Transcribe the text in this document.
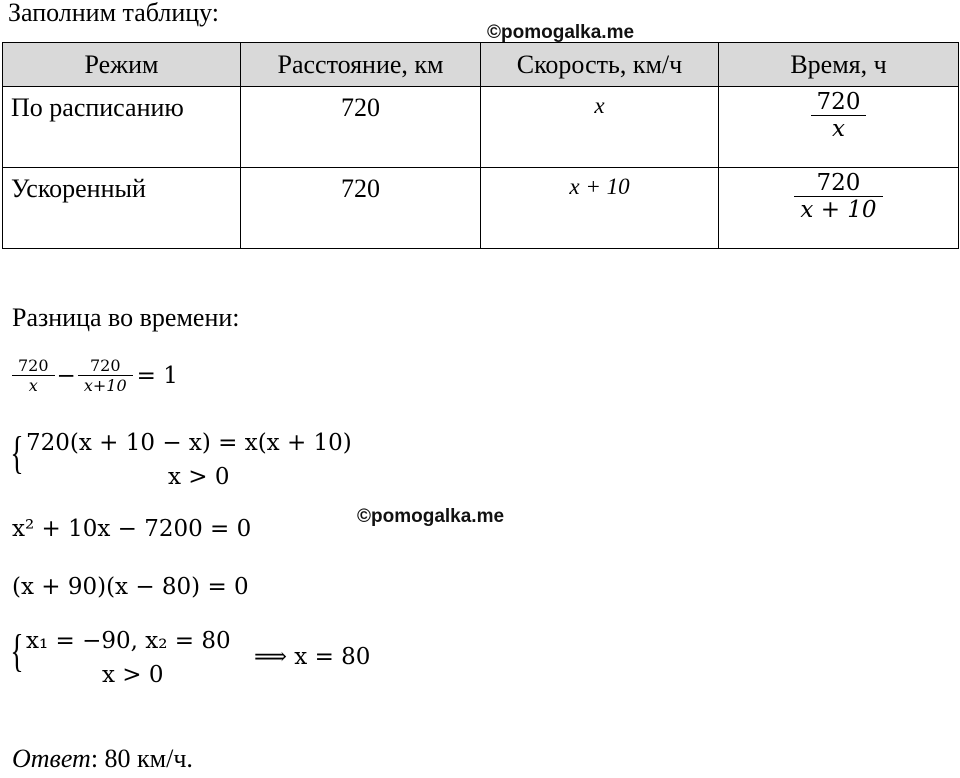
Заполним таблицу:
©pomogalka.me
Режим	Расстояние, км	Скорость, км/ч	Время, ч
По расписанию	720	x	$\frac{720}{x}$

Ускоренный	720	x + 10	$\frac{720}{x + 10}$
Разница во времени:
$\frac{720}{x} - \frac{720}{x+10} = 1$
{ 720(x + 10 − x) = x(x + 10)
x > 0
©pomogalka.me
x² + 10x − 7200 = 0
(x + 90)(x − 80) = 0
{ x₁ = −90, x₂ = 80
x > 0
⟹ x = 80
Ответ: 80 км/ч.
